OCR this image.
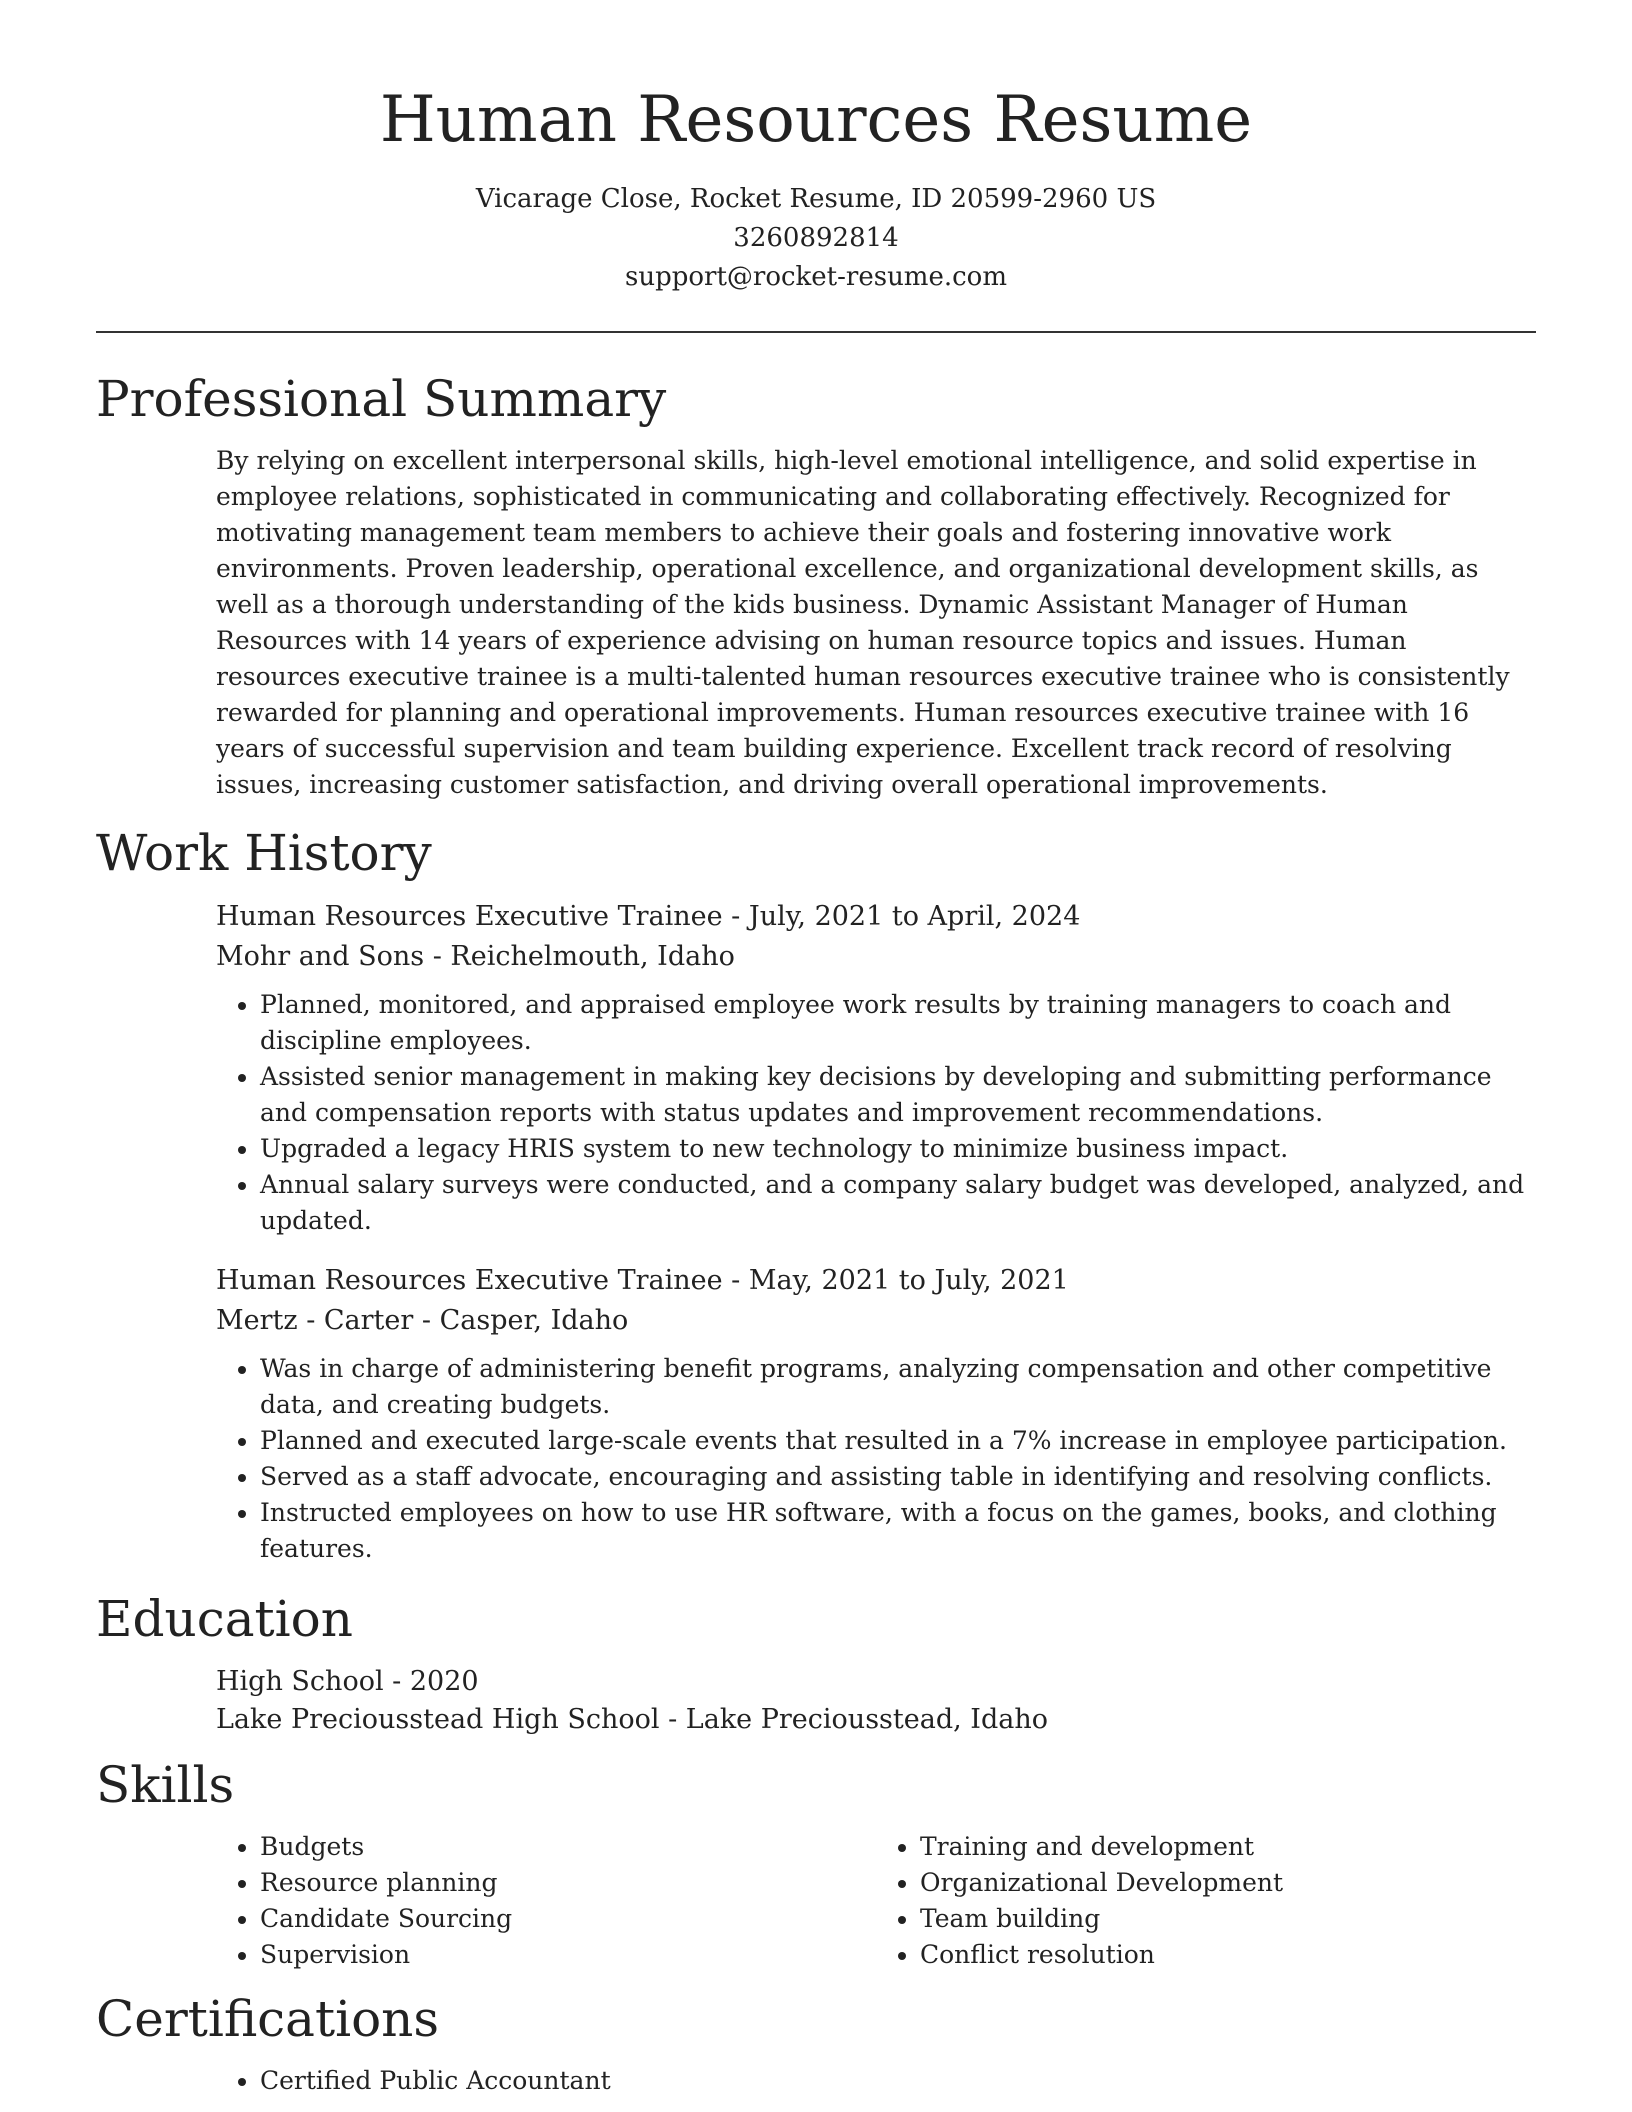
Human Resources Resume

Vicarage Close, Rocket Resume, ID 20599-2960 US

3260892814

support@rocket-resume.com

Professional Summary

By relying on excellent interpersonal skills, high-level emotional intelligence, and solid expertise in employee relations, sophisticated in communicating and collaborating effectively. Recognized for motivating management team members to achieve their goals and fostering innovative work environments. Proven leadership, operational excellence, and organizational development skills, as well as a thorough understanding of the kids business. Dynamic Assistant Manager of Human Resources with 14 years of experience advising on human resource topics and issues. Human resources executive trainee is a multi-talented human resources executive trainee who is consistently rewarded for planning and operational improvements. Human resources executive trainee with 16 years of successful supervision and team building experience. Excellent track record of resolving issues, increasing customer satisfaction, and driving overall operational improvements.

Work History

Human Resources Executive Trainee - July, 2021 to April, 2024

Mohr and Sons - Reichelmouth, Idaho

• Planned, monitored, and appraised employee work results by training managers to coach and discipline employees.
• Assisted senior management in making key decisions by developing and submitting performance and compensation reports with status updates and improvement recommendations.
• Upgraded a legacy HRIS system to new technology to minimize business impact.
• Annual salary surveys were conducted, and a company salary budget was developed, analyzed, and updated.

Human Resources Executive Trainee - May, 2021 to July, 2021

Mertz - Carter - Casper, Idaho

• Was in charge of administering benefit programs, analyzing compensation and other competitive data, and creating budgets.
• Planned and executed large-scale events that resulted in a 7% increase in employee participation.
• Served as a staff advocate, encouraging and assisting table in identifying and resolving conflicts.
• Instructed employees on how to use HR software, with a focus on the games, books, and clothing features.
Education

High School - 2020

Lake Preciousstead High School - Lake Preciousstead, Idaho

Skills
• Budgets
• Resource planning
• Candidate Sourcing
• Supervision
• Training and development
• Organizational Development
• Team building
• Conflict resolution
Certifications
• Certified Public Accountant
